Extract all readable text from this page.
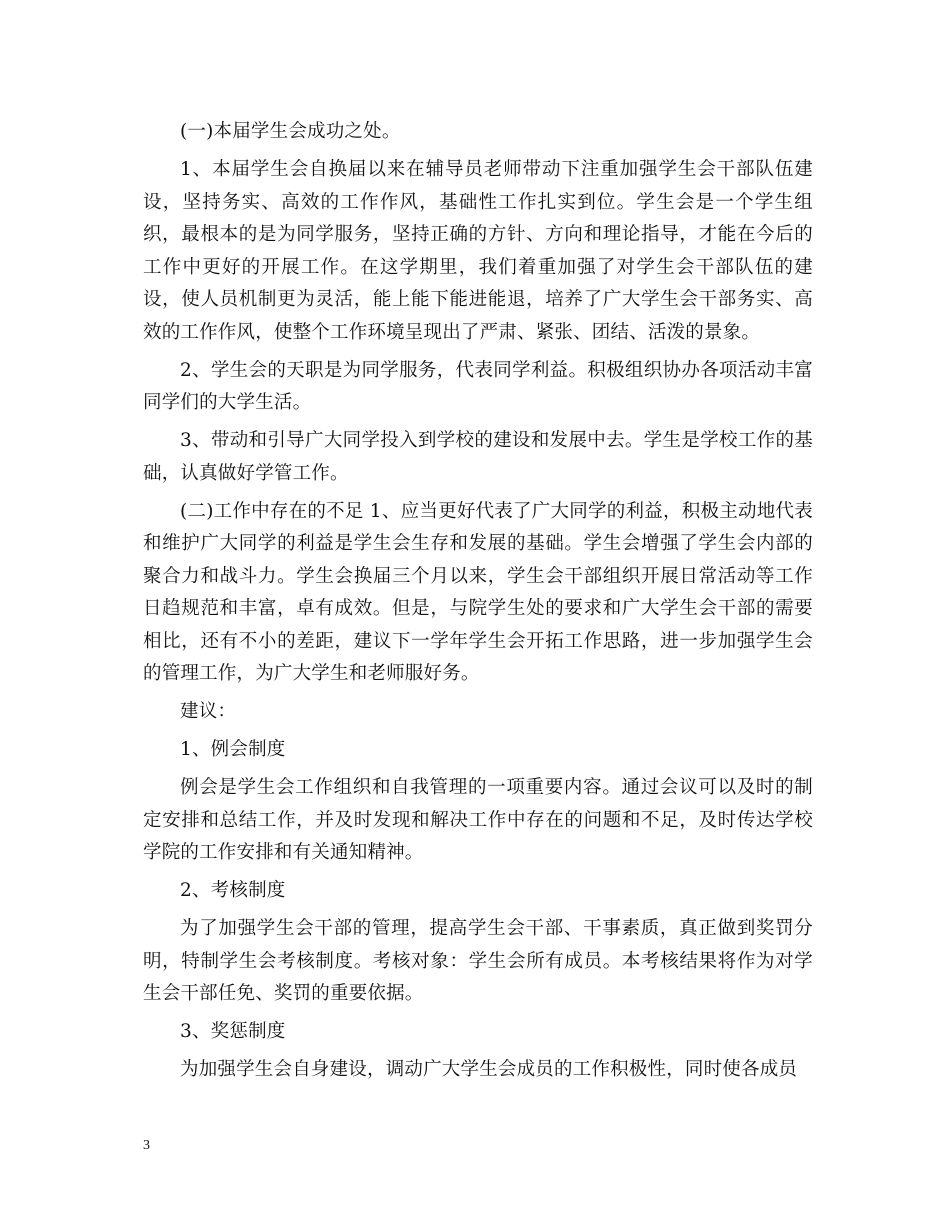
(一)本届学生会成功之处。

1、本届学生会自换届以来在辅导员老师带动下注重加强学生会干部队伍建设，坚持务实、高效的工作作风，基础性工作扎实到位。学生会是一个学生组织，最根本的是为同学服务，坚持正确的方针、方向和理论指导，才能在今后的工作中更好的开展工作。在这学期里，我们着重加强了对学生会干部队伍的建设，使人员机制更为灵活，能上能下能进能退，培养了广大学生会干部务实、高效的工作作风，使整个工作环境呈现出了严肃、紧张、团结、活泼的景象。

2、学生会的天职是为同学服务，代表同学利益。积极组织协办各项活动丰富同学们的大学生活。

3、带动和引导广大同学投入到学校的建设和发展中去。学生是学校工作的基础，认真做好学管工作。

(二)工作中存在的不足 1、应当更好代表了广大同学的利益，积极主动地代表和维护广大同学的利益是学生会生存和发展的基础。学生会增强了学生会内部的聚合力和战斗力。学生会换届三个月以来，学生会干部组织开展日常活动等工作日趋规范和丰富，卓有成效。但是，与院学生处的要求和广大学生会干部的需要相比，还有不小的差距，建议下一学年学生会开拓工作思路，进一步加强学生会的管理工作，为广大学生和老师服好务。

建议：

1、例会制度

例会是学生会工作组织和自我管理的一项重要内容。通过会议可以及时的制定安排和总结工作，并及时发现和解决工作中存在的问题和不足，及时传达学校学院的工作安排和有关通知精神。

2、考核制度

为了加强学生会干部的管理，提高学生会干部、干事素质，真正做到奖罚分明，特制学生会考核制度。考核对象：学生会所有成员。本考核结果将作为对学生会干部任免、奖罚的重要依据。

3、奖惩制度

为加强学生会自身建设，调动广大学生会成员的工作积极性，同时使各成员

3
